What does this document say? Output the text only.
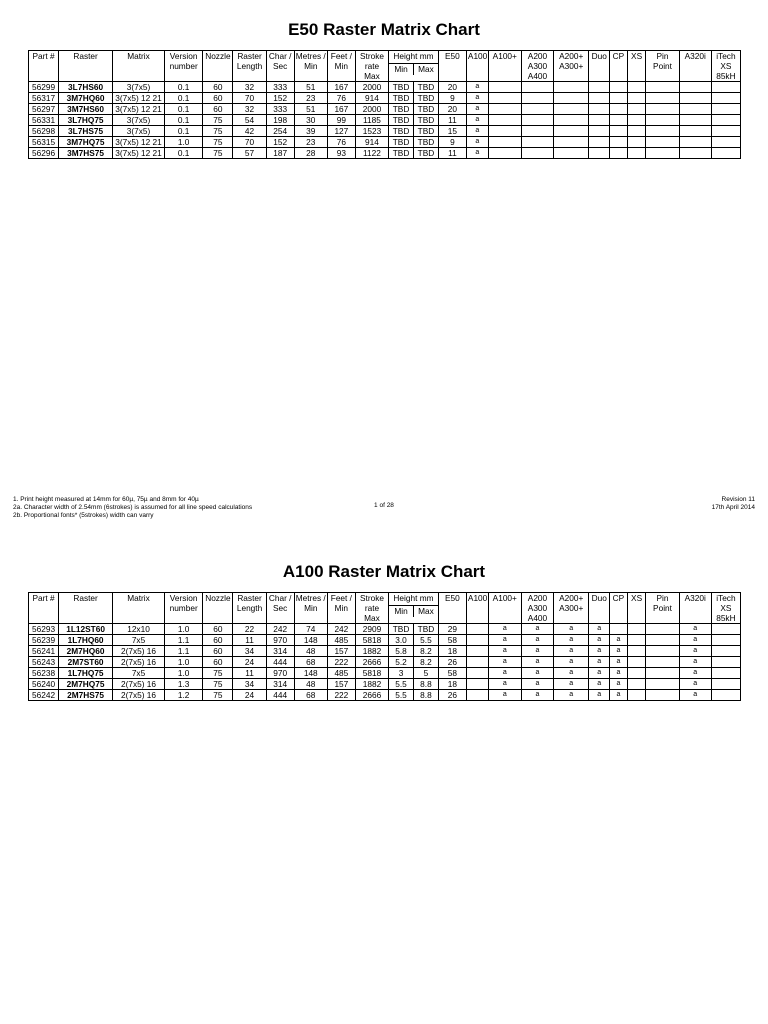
E50 Raster Matrix Chart
Part #	Raster	Matrix	Version number	Nozzle	Raster Length	Char / Sec	Metres / Min	Feet / Min	Stroke rate Max	Height mm
Min Max		E50	A100	A100+	A200 A300 A400	A200+ A300+	Duo	CP	XS	Pin Point	A320i	iTech XS 85kH
56299	3L7HS60	3(7x5)	0.1	60	32	333	51	167	2000	TBD	TBD	20	a									
56317	3M7HQ60	3(7x5) 12 21	0.1	60	70	152	23	76	914	TBD	TBD	9	a									
56297	3M7HS60	3(7x5) 12 21	0.1	60	32	333	51	167	2000	TBD	TBD	20	a									
56331	3L7HQ75	3(7x5)	0.1	75	54	198	30	99	1185	TBD	TBD	11	a									
56298	3L7HS75	3(7x5)	0.1	75	42	254	39	127	1523	TBD	TBD	15	a									
56315	3M7HQ75	3(7x5) 12 21	1.0	75	70	152	23	76	914	TBD	TBD	9	a									
56296	3M7HS75	3(7x5) 12 21	0.1	75	57	187	28	93	1122	TBD	TBD	11	a									
1. Print height measured at 14mm for 60µ, 75µ and 8mm for 40µ
2a. Character width of 2.54mm (6strokes) is assumed for all line speed calculations
2b. Proportional fonts* (5strokes) width can varry
1 of 28
Revision 11
17th April 2014
A100 Raster Matrix Chart
Part #	Raster	Matrix	Version number	Nozzle	Raster Length	Char / Sec	Metres / Min	Feet / Min	Stroke rate Max	Height mm
Min Max		E50	A100	A100+	A200 A300 A400	A200+ A300+	Duo	CP	XS	Pin Point	A320i	iTech XS 85kH
56293	1L12ST60	12x10	1.0	60	22	242	74	242	2909	TBD	TBD	29		a	a	a	a				a	
56239	1L7HQ60	7x5	1.1	60	11	970	148	485	5818	3.0	5.5	58		a	a	a	a	a			a	
56241	2M7HQ60	2(7x5) 16	1.1	60	34	314	48	157	1882	5.8	8.2	18		a	a	a	a	a			a	
56243	2M7ST60	2(7x5) 16	1.0	60	24	444	68	222	2666	5.2	8.2	26		a	a	a	a	a			a	
56238	1L7HQ75	7x5	1.0	75	11	970	148	485	5818	3	5	58		a	a	a	a	a			a	
56240	2M7HQ75	2(7x5) 16	1.3	75	34	314	48	157	1882	5.5	8.8	18		a	a	a	a	a			a	
56242	2M7HS75	2(7x5) 16	1.2	75	24	444	68	222	2666	5.5	8.8	26		a	a	a	a	a			a	
